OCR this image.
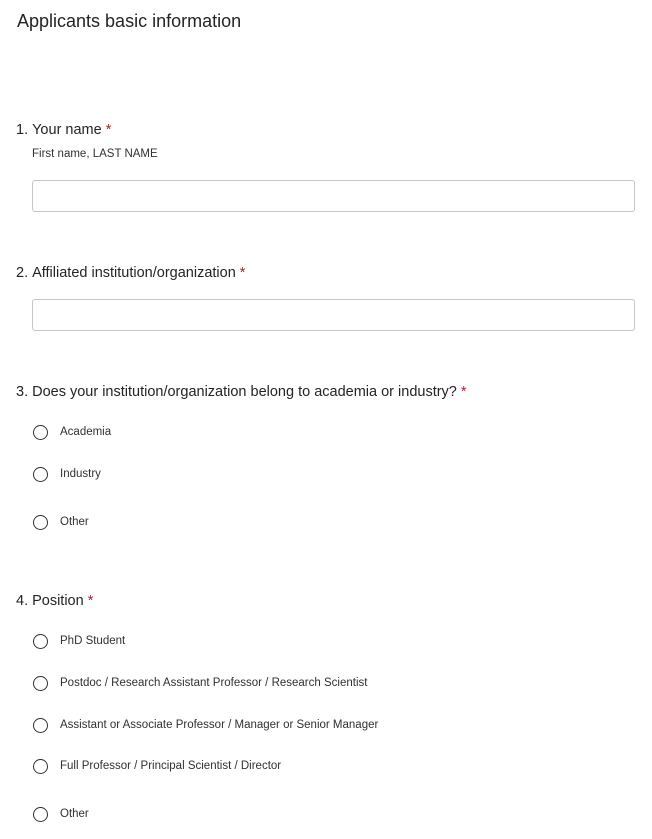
Applicants basic information
1. Your name *
First name, LAST NAME
2. Affiliated institution/organization *
3. Does your institution/organization belong to academia or industry? *
Academia
Industry
Other
4. Position *
PhD Student
Postdoc / Research Assistant Professor / Research Scientist
Assistant or Associate Professor / Manager or Senior Manager
Full Professor / Principal Scientist / Director
Other
